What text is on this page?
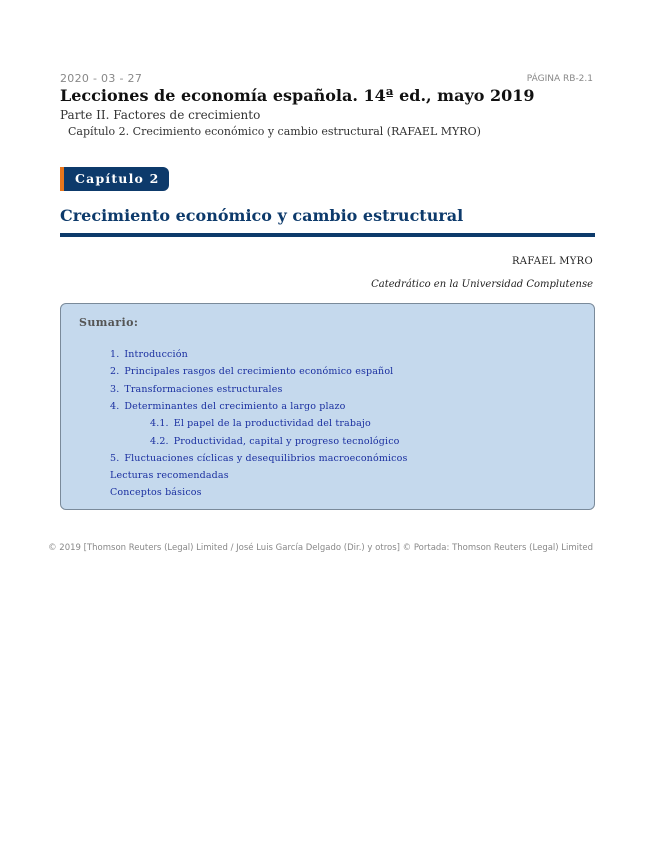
2020 - 03 - 27	PÁGINA RB-2.1
Lecciones de economía española. 14ª ed., mayo 2019
Parte II. Factores de crecimiento
Capítulo 2. Crecimiento económico y cambio estructural (RAFAEL MYRO)
Capítulo 2
Crecimiento económico y cambio estructural
RAFAEL MYRO
Catedrático en la Universidad Complutense
Sumario:
1. Introducción
2. Principales rasgos del crecimiento económico español
3. Transformaciones estructurales
4. Determinantes del crecimiento a largo plazo
4.1. El papel de la productividad del trabajo
4.2. Productividad, capital y progreso tecnológico
5. Fluctuaciones cíclicas y desequilibrios macroeconómicos
Lecturas recomendadas
Conceptos básicos
© 2019 [Thomson Reuters (Legal) Limited / José Luis García Delgado (Dir.) y otros] © Portada: Thomson Reuters (Legal) Limited
